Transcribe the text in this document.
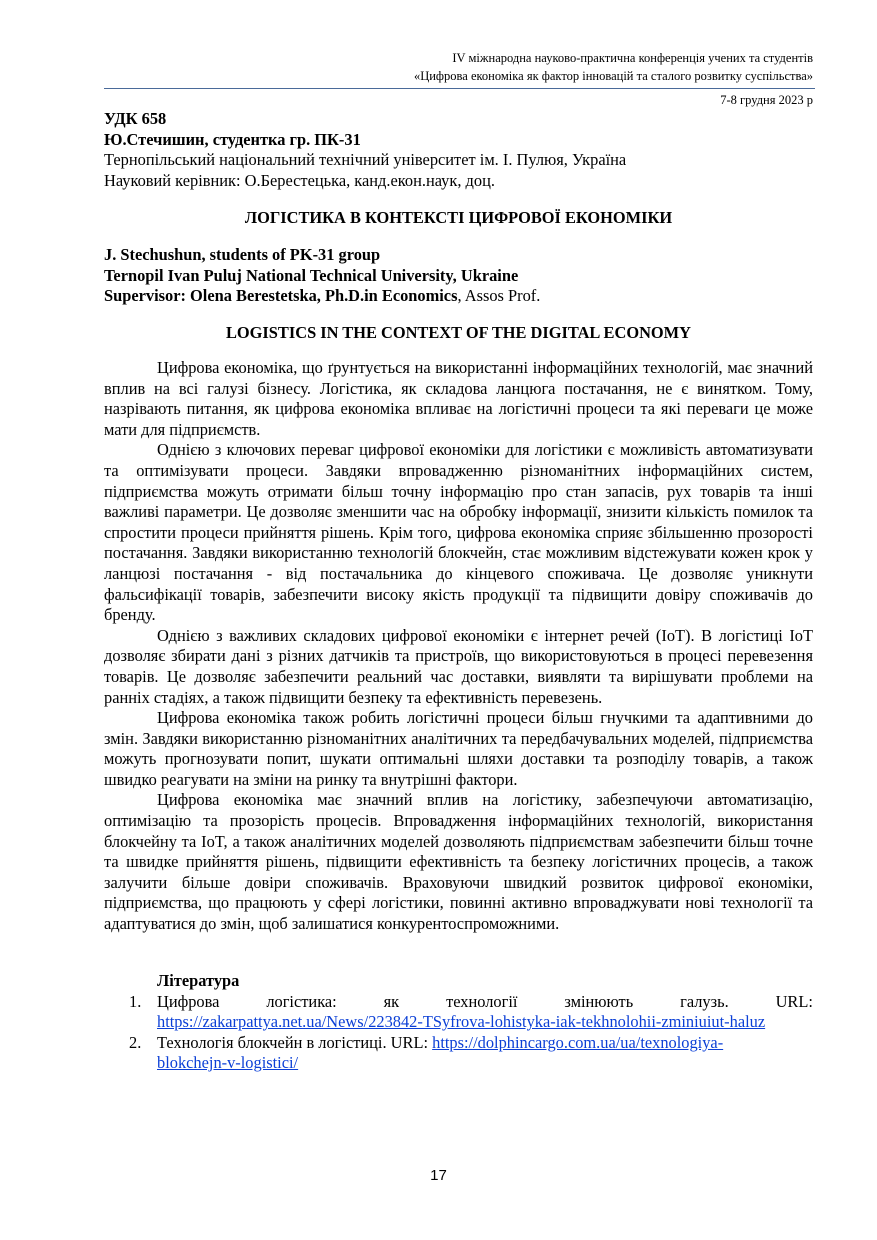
IV міжнародна науково-практична конференція учених та студентів
«Цифрова економіка як фактор інновацій та сталого розвитку суспільства»
7-8 грудня 2023 р
УДК 658
Ю.Стечишин, студентка гр. ПК-31
Тернопільський національний технічний університет ім. І. Пулюя, Україна
Науковий керівник: О.Берестецька, канд.екон.наук, доц.
ЛОГІСТИКА В КОНТЕКСТІ ЦИФРОВОЇ ЕКОНОМІКИ
J. Stechushun, students of PK-31 group
Ternopil Ivan Puluj National Technical University, Ukraine
Supervisor: Olena Berestetska, Ph.D.in Economics, Assos Prof.
LOGISTICS IN THE CONTEXT OF THE DIGITAL ECONOMY

Цифрова економіка, що ґрунтується на використанні інформаційних технологій, має значний вплив на всі галузі бізнесу. Логістика, як складова ланцюга постачання, не є винятком. Тому, назрівають питання, як цифрова економіка впливає на логістичні процеси та які переваги це може мати для підприємств.

Однією з ключових переваг цифрової економіки для логістики є можливість автоматизувати та оптимізувати процеси. Завдяки впровадженню різноманітних інформаційних систем, підприємства можуть отримати більш точну інформацію про стан запасів, рух товарів та інші важливі параметри. Це дозволяє зменшити час на обробку інформації, знизити кількість помилок та спростити процеси прийняття рішень. Крім того, цифрова економіка сприяє збільшенню прозорості постачання. Завдяки використанню технологій блокчейн, стає можливим відстежувати кожен крок у ланцюзі постачання - від постачальника до кінцевого споживача. Це дозволяє уникнути фальсифікації товарів, забезпечити високу якість продукції та підвищити довіру споживачів до бренду.

Однією з важливих складових цифрової економіки є інтернет речей (IoT). В логістиці IoT дозволяє збирати дані з різних датчиків та пристроїв, що використовуються в процесі перевезення товарів. Це дозволяє забезпечити реальний час доставки, виявляти та вирішувати проблеми на ранніх стадіях, а також підвищити безпеку та ефективність перевезень.

Цифрова економіка також робить логістичні процеси більш гнучкими та адаптивними до змін. Завдяки використанню різноманітних аналітичних та передбачувальних моделей, підприємства можуть прогнозувати попит, шукати оптимальні шляхи доставки та розподілу товарів, а також швидко реагувати на зміни на ринку та внутрішні фактори.

Цифрова економіка має значний вплив на логістику, забезпечуючи автоматизацію, оптимізацію та прозорість процесів. Впровадження інформаційних технологій, використання блокчейну та IoT, а також аналітичних моделей дозволяють підприємствам забезпечити більш точне та швидке прийняття рішень, підвищити ефективність та безпеку логістичних процесів, а також залучити більше довіри споживачів. Враховуючи швидкий розвиток цифрової економіки, підприємства, що працюють у сфері логістики, повинні активно впроваджувати нові технології та адаптуватися до змін, щоб залишатися конкурентоспроможними.

Література
1. Цифрова	логістика:	як	технології	змінюють	галузь.	URL:
https://zakarpattya.net.ua/News/223842-TSyfrova-lohistyka-iak-tekhnolohii-zminiuiut-haluz
2. Технологія блокчейн в логістиці. URL: https://dolphincargo.com.ua/ua/texnologiya-
blokchejn-v-logistici/
17
